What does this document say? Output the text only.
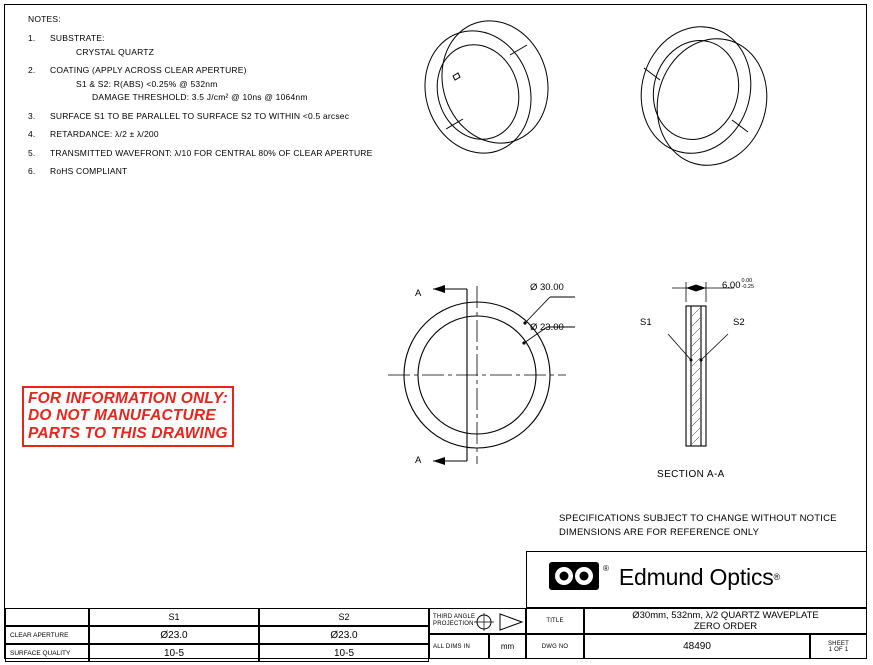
NOTES:
1.	SUBSTRATE:
CRYSTAL QUARTZ
2.	COATING (APPLY ACROSS CLEAR APERTURE)
S1 & S2: R(ABS) <0.25% @ 532nm
DAMAGE THRESHOLD: 3.5 J/cm² @ 10ns @ 1064nm
3.	SURFACE S1 TO BE PARALLEL TO SURFACE S2 TO WITHIN <0.5 arcsec
4.	RETARDANCE: λ/2 ± λ/200
5.	TRANSMITTED WAVEFRONT: λ/10 FOR CENTRAL 80% OF CLEAR APERTURE
6.	RoHS COMPLIANT
FOR INFORMATION ONLY:
DO NOT MANUFACTURE
PARTS TO THIS DRAWING
Ø 30.00
Ø 23.00
A
A
6.00 0.00
-0.25
S1	S2
SECTION A-A
SPECIFICATIONS SUBJECT TO CHANGE WITHOUT NOTICE
DIMENSIONS ARE FOR REFERENCE ONLY
® Edmund Optics ®
THIRD ANGLE
PROJECTION
ALL DIMS IN	mm
TITLE	Ø30mm, 532nm, λ/2 QUARTZ WAVEPLATE
ZERO ORDER
DWG NO	48490	SHEET
1 OF 1
	S1	S2
CLEAR APERTURE	Ø23.0	Ø23.0
SURFACE QUALITY	10-5	10-5
